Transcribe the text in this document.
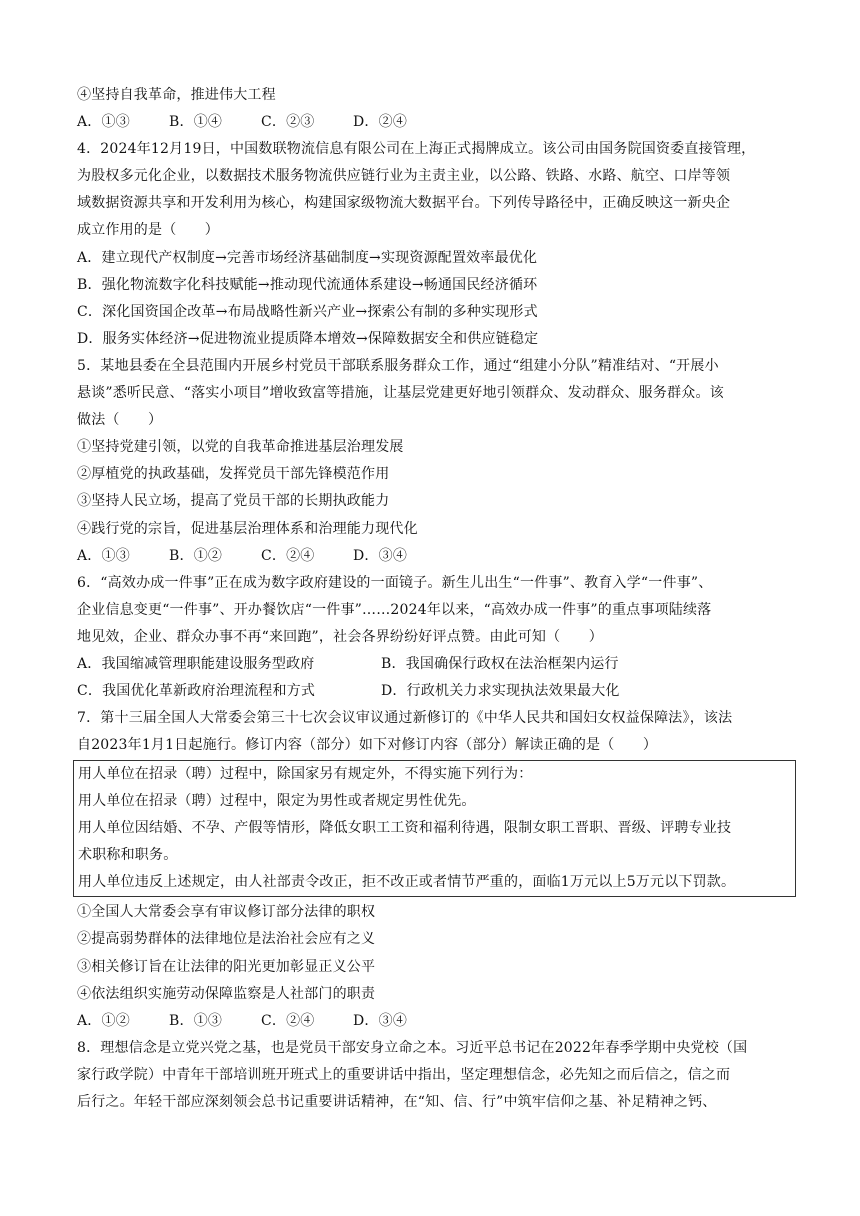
④坚持自我革命，推进伟大工程
A．①③	B．①④	C．②③	D．②④
4．2024年12月19日，中国数联物流信息有限公司在上海正式揭牌成立。该公司由国务院国资委直接管理，
为股权多元化企业，以数据技术服务物流供应链行业为主责主业，以公路、铁路、水路、航空、口岸等领
域数据资源共享和开发利用为核心，构建国家级物流大数据平台。下列传导路径中，正确反映这一新央企
成立作用的是（　　）
A．建立现代产权制度→完善市场经济基础制度→实现资源配置效率最优化
B．强化物流数字化科技赋能→推动现代流通体系建设→畅通国民经济循环
C．深化国资国企改革→布局战略性新兴产业→探索公有制的多种实现形式
D．服务实体经济→促进物流业提质降本增效→保障数据安全和供应链稳定
5．某地县委在全县范围内开展乡村党员干部联系服务群众工作，通过“组建小分队”精准结对、“开展小
悬谈”悉听民意、“落实小项目”增收致富等措施，让基层党建更好地引领群众、发动群众、服务群众。该
做法（　　）
①坚持党建引领，以党的自我革命推进基层治理发展
②厚植党的执政基础，发挥党员干部先锋模范作用
③坚持人民立场，提高了党员干部的长期执政能力
④践行党的宗旨，促进基层治理体系和治理能力现代化
A．①③	B．①②	C．②④	D．③④
6．“高效办成一件事”正在成为数字政府建设的一面镜子。新生儿出生“一件事”、教育入学“一件事”、
企业信息变更“一件事”、开办餐饮店“一件事”……2024年以来，“高效办成一件事”的重点事项陆续落
地见效，企业、群众办事不再“来回跑”，社会各界纷纷好评点赞。由此可知（　　）
A．我国缩减管理职能建设服务型政府	B．我国确保行政权在法治框架内运行
C．我国优化革新政府治理流程和方式	D．行政机关力求实现执法效果最大化
7．第十三届全国人大常委会第三十七次会议审议通过新修订的《中华人民共和国妇女权益保障法》，该法
自2023年1月1日起施行。修订内容（部分）如下对修订内容（部分）解读正确的是（　　）
用人单位在招录（聘）过程中，除国家另有规定外，不得实施下列行为：
用人单位在招录（聘）过程中，限定为男性或者规定男性优先。
用人单位因结婚、不孕、产假等情形，降低女职工工资和福利待遇，限制女职工晋职、晋级、评聘专业技
术职称和职务。
用人单位违反上述规定，由人社部责令改正，拒不改正或者情节严重的，面临1万元以上5万元以下罚款。
①全国人大常委会享有审议修订部分法律的职权
②提高弱势群体的法律地位是法治社会应有之义
③相关修订旨在让法律的阳光更加彰显正义公平
④依法组织实施劳动保障监察是人社部门的职责
A．①②	B．①③	C．②④	D．③④
8．理想信念是立党兴党之基，也是党员干部安身立命之本。习近平总书记在2022年春季学期中央党校（国
家行政学院）中青年干部培训班开班式上的重要讲话中指出，坚定理想信念，必先知之而后信之，信之而
后行之。年轻干部应深刻领会总书记重要讲话精神，在“知、信、行”中筑牢信仰之基、补足精神之钙、
